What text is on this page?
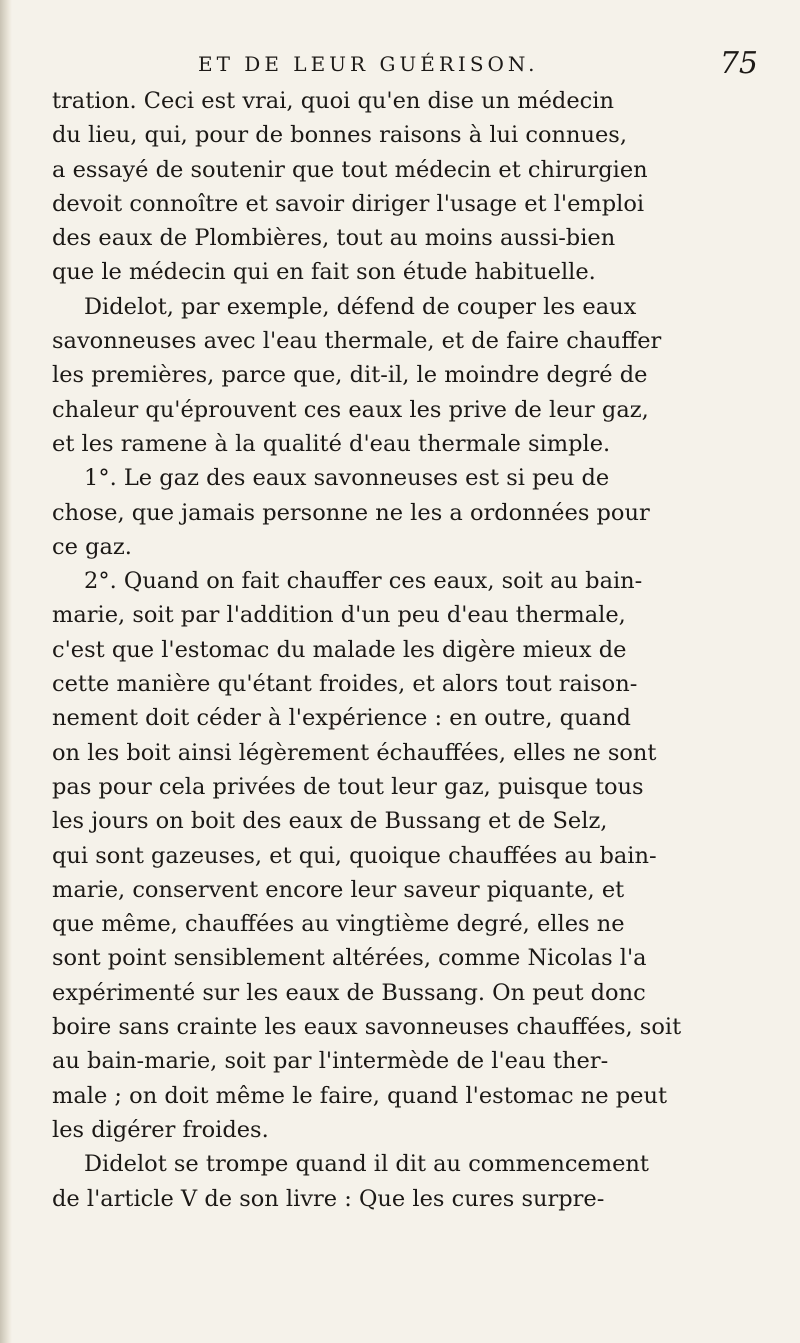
ET DE LEUR GUÉRISON.	75
tration. Ceci est vrai, quoi qu'en dise un médecin
du lieu, qui, pour de bonnes raisons à lui connues,
a essayé de soutenir que tout médecin et chirurgien
devoit connoître et savoir diriger l'usage et l'emploi
des eaux de Plombières, tout au moins aussi-bien
que le médecin qui en fait son étude habituelle.
Didelot, par exemple, défend de couper les eaux
savonneuses avec l'eau thermale, et de faire chauffer
les premières, parce que, dit-il, le moindre degré de
chaleur qu'éprouvent ces eaux les prive de leur gaz,
et les ramene à la qualité d'eau thermale simple.
1°. Le gaz des eaux savonneuses est si peu de
chose, que jamais personne ne les a ordonnées pour
ce gaz.
2°. Quand on fait chauffer ces eaux, soit au bain-
marie, soit par l'addition d'un peu d'eau thermale,
c'est que l'estomac du malade les digère mieux de
cette manière qu'étant froides, et alors tout raison-
nement doit céder à l'expérience : en outre, quand
on les boit ainsi légèrement échauffées, elles ne sont
pas pour cela privées de tout leur gaz, puisque tous
les jours on boit des eaux de Bussang et de Selz,
qui sont gazeuses, et qui, quoique chauffées au bain-
marie, conservent encore leur saveur piquante, et
que même, chauffées au vingtième degré, elles ne
sont point sensiblement altérées, comme Nicolas l'a
expérimenté sur les eaux de Bussang. On peut donc
boire sans crainte les eaux savonneuses chauffées, soit
au bain-marie, soit par l'intermède de l'eau ther-
male ; on doit même le faire, quand l'estomac ne peut
les digérer froides.
Didelot se trompe quand il dit au commencement
de l'article V de son livre : Que les cures surpre-
